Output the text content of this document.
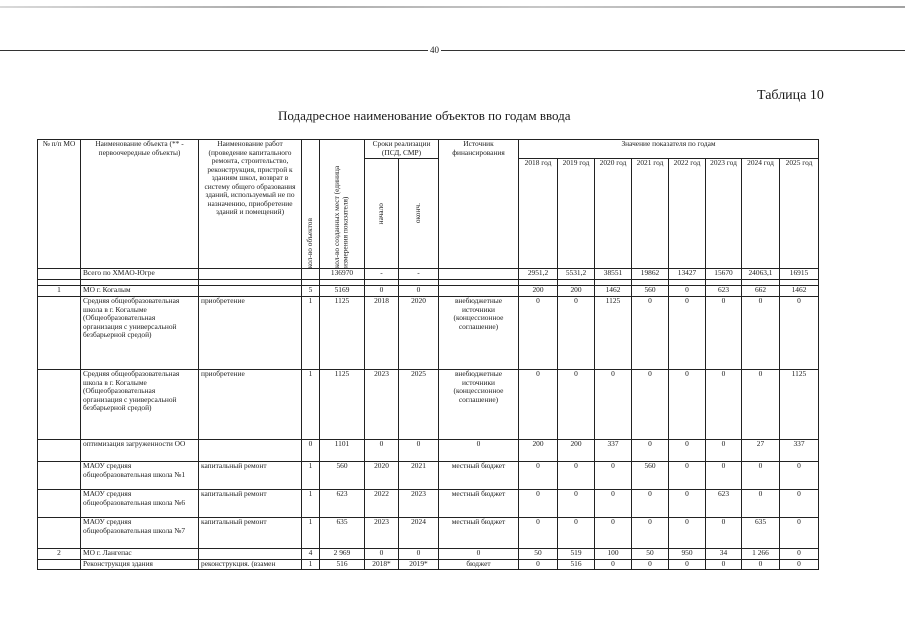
40
Таблица 10
Подадресное наименование объектов по годам ввода
№ п/п МО	Наименование объекта (** - первоочередные объекты)	Наименование работ (проведение капитального ремонта, строительство, реконструкция, пристрой к зданиям школ, возврат в систему общего образования зданий, используемый не по назначению, приобретение зданий и помещений)	кол-во объектов	кол-во созданных мест (единица измерения показателя)	Сроки реализации (ПСД, СМР)		Источник финансирования	Значение показателя по годам							

					начало	оконч.		2018 год	2019 год	2020 год	2021 год	2022 год	2023 год	2024 год	2025 год
	Всего по ХМАО-Югре			136970	-	-		2951,2	5531,2	38551	19862	13427	15670	24063,1	16915

1	МО г. Когалым		5	5169	0	0		200	200	1462	560	0	623	662	1462
	Средняя общеобразовательная школа в г. Когалыме (Общеобразовательная организация с универсальной безбарьерной средой)	приобретение	1	1125	2018	2020	внебюджетные источники (концессионное соглашение)	0	0	1125	0	0	0	0	0
	Средняя общеобразовательная школа в г. Когалыме (Общеобразовательная организация с универсальной безбарьерной средой)	приобретение	1	1125	2023	2025	внебюджетные источники (концессионное соглашение)	0	0	0	0	0	0	0	1125
	оптимизация загруженности ОО		0	1101	0	0	0	200	200	337	0	0	0	27	337
	МАОУ средняя общеобразовательная школа №1	капитальный ремонт	1	560	2020	2021	местный бюджет	0	0	0	560	0	0	0	0
	МАОУ средняя общеобразовательная школа №6	капитальный ремонт	1	623	2022	2023	местный бюджет	0	0	0	0	0	623	0	0
	МАОУ средняя общеобразовательная школа №7	капитальный ремонт	1	635	2023	2024	местный бюджет	0	0	0	0	0	0	635	0
2	МО г. Лангепас		4	2 969	0	0	0	50	519	100	50	950	34	1 266	0
	Реконструкция здания	реконструкция. (взамен	1	516	2018*	2019*	бюджет	0	516	0	0	0	0	0	0
